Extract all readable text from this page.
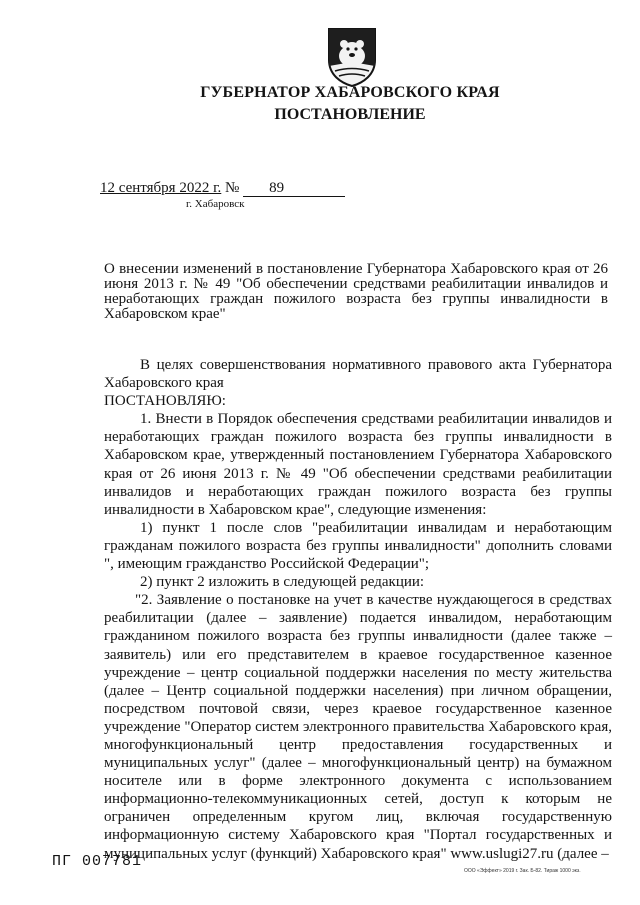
ГУБЕРНАТОР ХАБАРОВСКОГО КРАЯ
ПОСТАНОВЛЕНИЕ
12 сентября 2022 г. № 89
г. Хабаровск
О внесении изменений в постановление Губернатора Хабаровского края от 26 июня 2013 г. № 49 "Об обеспечении средствами реабилитации инвалидов и неработающих граждан пожилого возраста без группы инвалидности в Хабаровском крае"

В целях совершенствования нормативного правового акта Губернатора Хабаровского края

ПОСТАНОВЛЯЮ:

1. Внести в Порядок обеспечения средствами реабилитации инвалидов и неработающих граждан пожилого возраста без группы инвалидности в Хабаровском крае, утвержденный постановлением Губернатора Хабаровского края от 26 июня 2013 г. № 49 "Об обеспечении средствами реабилитации инвалидов и неработающих граждан пожилого возраста без группы инвалидности в Хабаровском крае", следующие изменения:

1) пункт 1 после слов "реабилитации инвалидам и неработающим гражданам пожилого возраста без группы инвалидности" дополнить словами ", имеющим гражданство Российской Федерации";

2) пункт 2 изложить в следующей редакции:

"2. Заявление о постановке на учет в качестве нуждающегося в средствах реабилитации (далее – заявление) подается инвалидом, неработающим гражданином пожилого возраста без группы инвалидности (далее также – заявитель) или его представителем в краевое государственное казенное учреждение – центр социальной поддержки населения по месту жительства (далее – Центр социальной поддержки населения) при личном обращении, посредством почтовой связи, через краевое государственное казенное учреждение "Оператор систем электронного правительства Хабаровского края, многофункциональный центр предоставления государственных и муниципальных услуг" (далее – многофункциональный центр) на бумажном носителе или в форме электронного документа с использованием информационно-телекоммуникационных сетей, доступ к которым не ограничен определенным кругом лиц, включая государственную информационную систему Хабаровского края "Портал государственных и муниципальных услуг (функций) Хабаровского края" www.uslugi27.ru (далее –

ПГ 007781
ООО «Эффект» 2019 г. Зак. Б-82. Тираж 1000 экз.
